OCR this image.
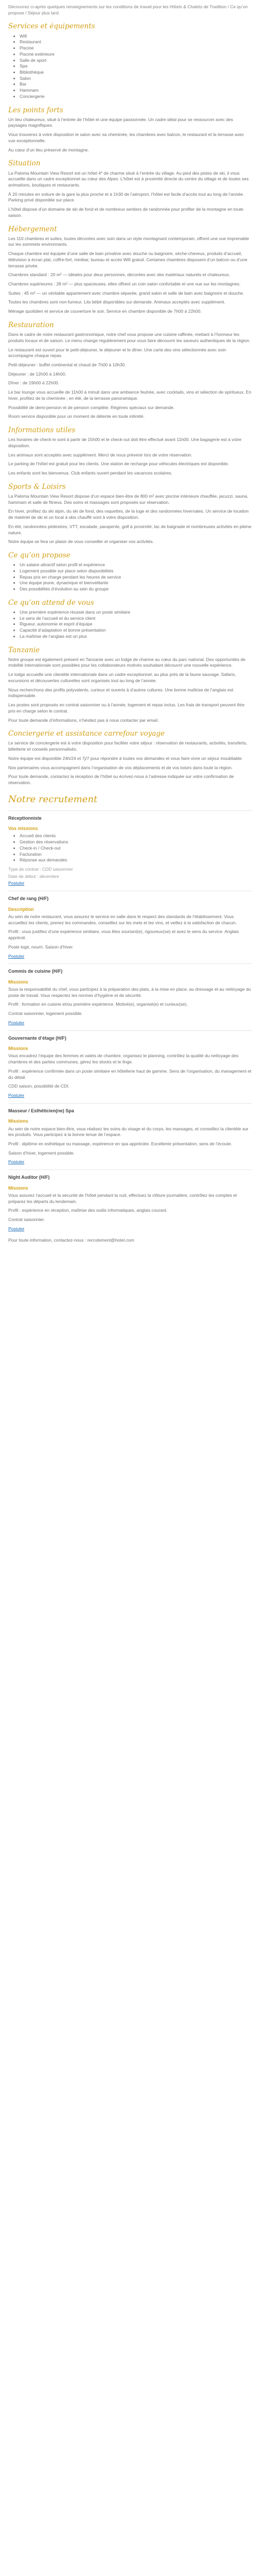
Découvrez ci-après quelques renseignements sur les conditions de travail pour les Hôtels & Chalets de Tradition / Ce qu’on propose / Séjour plus tard.

Services et équipements
• Wifi
• Restaurant
• Piscine
• Piscine extérieure
• Salle de sport
• Spa
• Bibliothèque
• Salon
• Bar
• Hammam
• Conciergerie
Les points forts

Un lieu chaleureux, situé à l’entrée de l’hôtel et une équipe passionnée. Un cadre idéal pour se ressourcer avec des paysages magnifiques.

Vous trouverez à votre disposition le salon avec sa cheminée, les chambres avec balcon, le restaurant et la terrasse avec vue exceptionnelle.

Au cœur d’un lieu préservé de montagne.

Situation

La Paloma Mountain View Resort est un hôtel 4* de charme situé à l’entrée du village. Au pied des pistes de ski, il vous accueille dans un cadre exceptionnel au cœur des Alpes. L’hôtel est à proximité directe du centre du village et de toutes ses animations, boutiques et restaurants.

À 20 minutes en voiture de la gare la plus proche et à 1h30 de l’aéroport, l’hôtel est facile d’accès tout au long de l’année. Parking privé disponible sur place.

L’hôtel dispose d’un domaine de ski de fond et de nombreux sentiers de randonnée pour profiter de la montagne en toute saison.

Hébergement

Les 110 chambres et suites, toutes décorées avec soin dans un style montagnard contemporain, offrent une vue imprenable sur les sommets environnants.

Chaque chambre est équipée d’une salle de bain privative avec douche ou baignoire, sèche-cheveux, produits d’accueil, télévision à écran plat, coffre-fort, minibar, bureau et accès Wifi gratuit. Certaines chambres disposent d’un balcon ou d’une terrasse privée.

Chambres standard : 20 m² — idéales pour deux personnes, décorées avec des matériaux naturels et chaleureux.

Chambres supérieures : 28 m² — plus spacieuses, elles offrent un coin salon confortable et une vue sur les montagnes.

Suites : 45 m² — un véritable appartement avec chambre séparée, grand salon et salle de bain avec baignoire et douche.

Toutes les chambres sont non-fumeur. Lits bébé disponibles sur demande. Animaux acceptés avec supplément.

Ménage quotidien et service de couverture le soir. Service en chambre disponible de 7h00 à 22h00.

Restauration

Dans le cadre de notre restaurant gastronomique, notre chef vous propose une cuisine raffinée, mettant à l’honneur les produits locaux et de saison. Le menu change régulièrement pour vous faire découvrir les saveurs authentiques de la région.

Le restaurant est ouvert pour le petit-déjeuner, le déjeuner et le dîner. Une carte des vins sélectionnée avec soin accompagne chaque repas.

Petit-déjeuner : buffet continental et chaud de 7h00 à 10h30.

Déjeuner : de 12h00 à 14h00.

Dîner : de 19h00 à 22h00.

Le bar lounge vous accueille de 11h00 à minuit dans une ambiance feutrée, avec cocktails, vins et sélection de spiritueux. En hiver, profitez de la cheminée ; en été, de la terrasse panoramique.

Possibilité de demi-pension et de pension complète. Régimes spéciaux sur demande.

Room service disponible pour un moment de détente en toute intimité.

Informations utiles

Les horaires de check-in sont à partir de 15h00 et le check-out doit être effectué avant 11h00. Une bagagerie est à votre disposition.

Les animaux sont acceptés avec supplément. Merci de nous prévenir lors de votre réservation.

Le parking de l’hôtel est gratuit pour les clients. Une station de recharge pour véhicules électriques est disponible.

Les enfants sont les bienvenus. Club enfants ouvert pendant les vacances scolaires.

Sports & Loisirs

La Paloma Mountain View Resort dispose d’un espace bien-être de 800 m² avec piscine intérieure chauffée, jacuzzi, sauna, hammam et salle de fitness. Des soins et massages sont proposés sur réservation.

En hiver, profitez du ski alpin, du ski de fond, des raquettes, de la luge et des randonnées hivernales. Un service de location de matériel de ski et un local à skis chauffé sont à votre disposition.

En été, randonnées pédestres, VTT, escalade, parapente, golf à proximité, lac de baignade et nombreuses activités en pleine nature.

Notre équipe se fera un plaisir de vous conseiller et organiser vos activités.

Ce qu’on propose
• Un salaire attractif selon profil et expérience
• Logement possible sur place selon disponibilités
• Repas pris en charge pendant les heures de service
• Une équipe jeune, dynamique et bienveillante
• Des possibilités d’évolution au sein du groupe
Ce qu’on attend de vous
• Une première expérience réussie dans un poste similaire
• Le sens de l’accueil et du service client
• Rigueur, autonomie et esprit d’équipe
• Capacité d’adaptation et bonne présentation
• La maîtrise de l’anglais est un plus
Tanzanie

Notre groupe est également présent en Tanzanie avec un lodge de charme au cœur du parc national. Des opportunités de mobilité internationale sont possibles pour les collaborateurs motivés souhaitant découvrir une nouvelle expérience.

Le lodge accueille une clientèle internationale dans un cadre exceptionnel, au plus près de la faune sauvage. Safaris, excursions et découvertes culturelles sont organisés tout au long de l’année.

Nous recherchons des profils polyvalents, curieux et ouverts à d’autres cultures. Une bonne maîtrise de l’anglais est indispensable.

Les postes sont proposés en contrat saisonnier ou à l’année, logement et repas inclus. Les frais de transport peuvent être pris en charge selon le contrat.

Pour toute demande d’informations, n’hésitez pas à nous contacter par email.

Conciergerie et assistance carrefour voyage

Le service de conciergerie est à votre disposition pour faciliter votre séjour : réservation de restaurants, activités, transferts, billetterie et conseils personnalisés.

Notre équipe est disponible 24h/24 et 7j/7 pour répondre à toutes vos demandes et vous faire vivre un séjour inoubliable.

Nos partenaires vous accompagnent dans l’organisation de vos déplacements et de vos loisirs dans toute la région.

Pour toute demande, contactez la réception de l’hôtel ou écrivez-nous à l’adresse indiquée sur votre confirmation de réservation.

Notre recrutement
Réceptionniste
Vos missions
• Accueil des clients
• Gestion des réservations
• Check-in / Check-out
• Facturation
• Réponse aux demandes

Type de contrat : CDD saisonnier

Date de début : décembre

Postuler
Chef de rang (H/F)
Description

Au sein de notre restaurant, vous assurez le service en salle dans le respect des standards de l’établissement. Vous accueillez les clients, prenez les commandes, conseillez sur les mets et les vins, et veillez à la satisfaction de chacun.

Profil : vous justifiez d’une expérience similaire, vous êtes souriant(e), rigoureux(se) et avez le sens du service. Anglais apprécié.

Poste logé, nourri. Saison d’hiver.

Postuler
Commis de cuisine (H/F)
Missions

Sous la responsabilité du chef, vous participez à la préparation des plats, à la mise en place, au dressage et au nettoyage du poste de travail. Vous respectez les normes d’hygiène et de sécurité.

Profil : formation en cuisine et/ou première expérience. Motivé(e), organisé(e) et curieux(se).

Contrat saisonnier, logement possible.

Postuler
Gouvernante d’étage (H/F)
Missions

Vous encadrez l’équipe des femmes et valets de chambre, organisez le planning, contrôlez la qualité du nettoyage des chambres et des parties communes, gérez les stocks et le linge.

Profil : expérience confirmée dans un poste similaire en hôtellerie haut de gamme. Sens de l’organisation, du management et du détail.

CDD saison, possibilité de CDI.

Postuler
Masseur / Esthéticien(ne) Spa
Missions

Au sein de notre espace bien-être, vous réalisez les soins du visage et du corps, les massages, et conseillez la clientèle sur les produits. Vous participez à la bonne tenue de l’espace.

Profil : diplôme en esthétique ou massage, expérience en spa appréciée. Excellente présentation, sens de l’écoute.

Saison d’hiver, logement possible.

Postuler
Night Auditor (H/F)
Missions

Vous assurez l’accueil et la sécurité de l’hôtel pendant la nuit, effectuez la clôture journalière, contrôlez les comptes et préparez les départs du lendemain.

Profil : expérience en réception, maîtrise des outils informatiques, anglais courant.

Contrat saisonnier.

Postuler

Pour toute information, contactez-nous : recrutement@hotel.com
